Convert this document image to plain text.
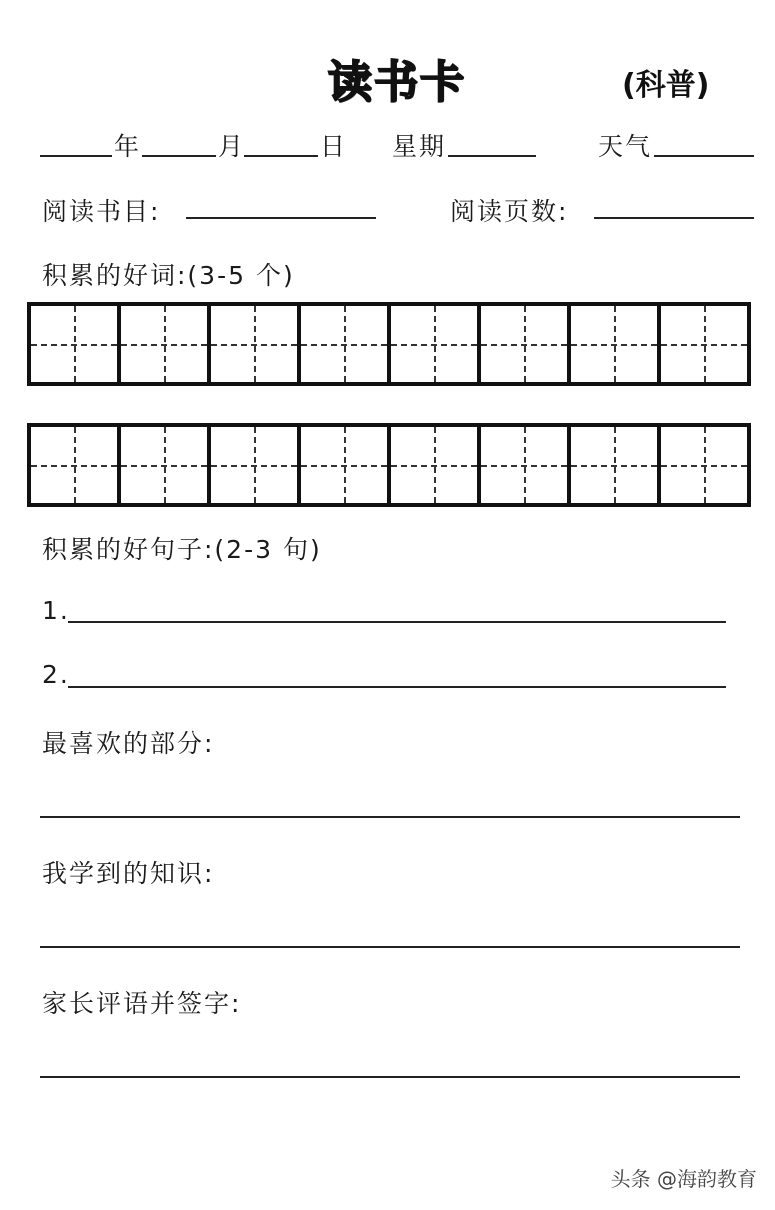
读书卡	(科普)
年	月	日 星期	天气
阅读书目:	阅读页数:
积累的好词:(3-5 个)
积累的好句子:(2-3 句)
1.
2.
最喜欢的部分:
我学到的知识:
家长评语并签字:
头条 @海韵教育
